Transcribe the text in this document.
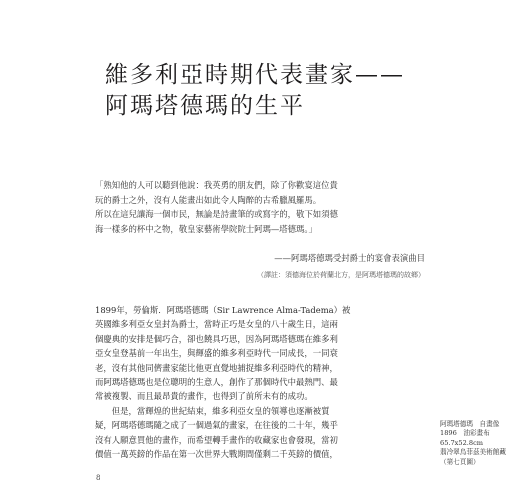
維多利亞時期代表畫家——
阿瑪塔德瑪的生平
「熟知他的人可以聽到他說：我英勇的朋友們，除了你歡宴這位貴
玩的爵士之外，沒有人能畫出如此令人陶醉的古希臘風羅馬。
所以在這兒讓海一個市民，無論是詩畫筆的或寫字的，敬下如須德
海一樣多的杯中之物，敬皇家藝術學院院士阿瑪—塔德瑪。」
——阿瑪塔德瑪受封爵士的宴會表演曲目
（譯註：須德海位於荷蘭北方，是阿瑪塔德瑪的故鄉）
1899年，勞倫斯．阿瑪塔德瑪（Sir Lawrence Alma-Tadema）被
英國維多利亞女皇封為爵士，當時正巧是女皇的八十歲生日，這兩
個慶典的安排是個巧合，卻也饒具巧思，因為阿瑪塔德瑪在維多利
亞女皇登基前一年出生，與輝盛的維多利亞時代一同成長，一同衰
老，沒有其他同儕畫家能比他更直覺地捕捉維多利亞時代的精神，
而阿瑪塔德瑪也是位聰明的生意人，創作了那個時代中最熱門、最
常被複製、而且最昂貴的畫作，也得到了前所未有的成功。
　　但是，當輝煌的世紀結束，維多利亞女皇的領導也逐漸被質
疑，阿瑪塔德瑪隨之成了一個過氣的畫家，在往後的二十年，幾乎
沒有人願意買他的畫作，而希望轉手畫作的收藏家也會發現，當初
價值一萬英鎊的作品在第一次世界大戰期間僅剩二千英鎊的價值，
阿瑪塔德瑪　自畫像
1896　油彩畫布
65.7x52.8cm
翡冷翠烏菲茲美術館藏
（第七頁圖）
8
